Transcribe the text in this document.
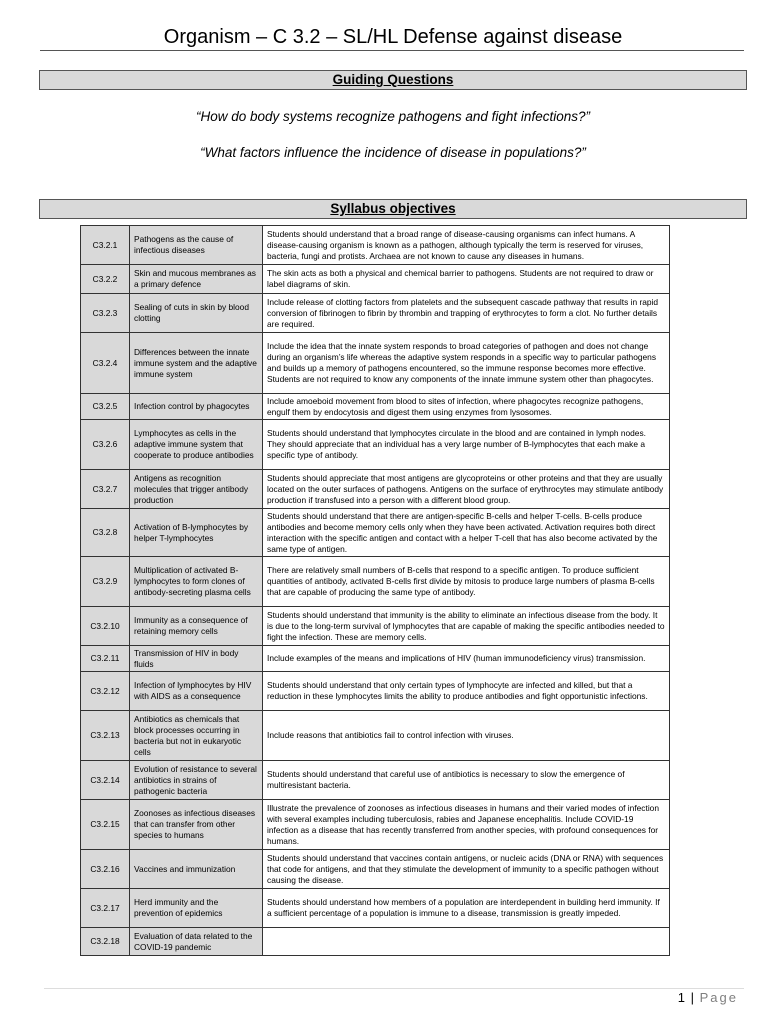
Organism – C 3.2 – SL/HL Defense against disease
Guiding Questions
“How do body systems recognize pathogens and fight infections?”
“What factors influence the incidence of disease in populations?”
Syllabus objectives
C3.2.1	Pathogens as the cause of infectious diseases	Students should understand that a broad range of disease-causing organisms can infect humans. A disease-causing organism is known as a pathogen, although typically the term is reserved for viruses, bacteria, fungi and protists. Archaea are not known to cause any diseases in humans.
C3.2.2	Skin and mucous membranes as a primary defence	The skin acts as both a physical and chemical barrier to pathogens. Students are not required to draw or label diagrams of skin.
C3.2.3	Sealing of cuts in skin by blood clotting	Include release of clotting factors from platelets and the subsequent cascade pathway that results in rapid conversion of fibrinogen to fibrin by thrombin and trapping of erythrocytes to form a clot. No further details are required.
C3.2.4	Differences between the innate immune system and the adaptive immune system	Include the idea that the innate system responds to broad categories of pathogen and does not change during an organism’s life whereas the adaptive system responds in a specific way to particular pathogens and builds up a memory of pathogens encountered, so the immune response becomes more effective. Students are not required to know any components of the innate immune system other than phagocytes.
C3.2.5	Infection control by phagocytes	Include amoeboid movement from blood to sites of infection, where phagocytes recognize pathogens, engulf them by endocytosis and digest them using enzymes from lysosomes.
C3.2.6	Lymphocytes as cells in the adaptive immune system that cooperate to produce antibodies	Students should understand that lymphocytes circulate in the blood and are contained in lymph nodes. They should appreciate that an individual has a very large number of B-lymphocytes that each make a specific type of antibody.
C3.2.7	Antigens as recognition molecules that trigger antibody production	Students should appreciate that most antigens are glycoproteins or other proteins and that they are usually located on the outer surfaces of pathogens. Antigens on the surface of erythrocytes may stimulate antibody production if transfused into a person with a different blood group.
C3.2.8	Activation of B-lymphocytes by helper T-lymphocytes	Students should understand that there are antigen-specific B-cells and helper T-cells. B-cells produce antibodies and become memory cells only when they have been activated. Activation requires both direct interaction with the specific antigen and contact with a helper T-cell that has also become activated by the same type of antigen.
C3.2.9	Multiplication of activated B-lymphocytes to form clones of antibody-secreting plasma cells	There are relatively small numbers of B-cells that respond to a specific antigen. To produce sufficient quantities of antibody, activated B-cells first divide by mitosis to produce large numbers of plasma B-cells that are capable of producing the same type of antibody.
C3.2.10	Immunity as a consequence of retaining memory cells	Students should understand that immunity is the ability to eliminate an infectious disease from the body. It is due to the long-term survival of lymphocytes that are capable of making the specific antibodies needed to fight the infection. These are memory cells.
C3.2.11	Transmission of HIV in body fluids	Include examples of the means and implications of HIV (human immunodeficiency virus) transmission.
C3.2.12	Infection of lymphocytes by HIV with AIDS as a consequence	Students should understand that only certain types of lymphocyte are infected and killed, but that a reduction in these lymphocytes limits the ability to produce antibodies and fight opportunistic infections.
C3.2.13	Antibiotics as chemicals that block processes occurring in bacteria but not in eukaryotic cells	Include reasons that antibiotics fail to control infection with viruses.
C3.2.14	Evolution of resistance to several antibiotics in strains of pathogenic bacteria	Students should understand that careful use of antibiotics is necessary to slow the emergence of multiresistant bacteria.
C3.2.15	Zoonoses as infectious diseases that can transfer from other species to humans	Illustrate the prevalence of zoonoses as infectious diseases in humans and their varied modes of infection with several examples including tuberculosis, rabies and Japanese encephalitis. Include COVID-19 infection as a disease that has recently transferred from another species, with profound consequences for humans.
C3.2.16	Vaccines and immunization	Students should understand that vaccines contain antigens, or nucleic acids (DNA or RNA) with sequences that code for antigens, and that they stimulate the development of immunity to a specific pathogen without causing the disease.
C3.2.17	Herd immunity and the prevention of epidemics	Students should understand how members of a population are interdependent in building herd immunity. If a sufficient percentage of a population is immune to a disease, transmission is greatly impeded.
C3.2.18	Evaluation of data related to the COVID-19 pandemic	
1 | Page
